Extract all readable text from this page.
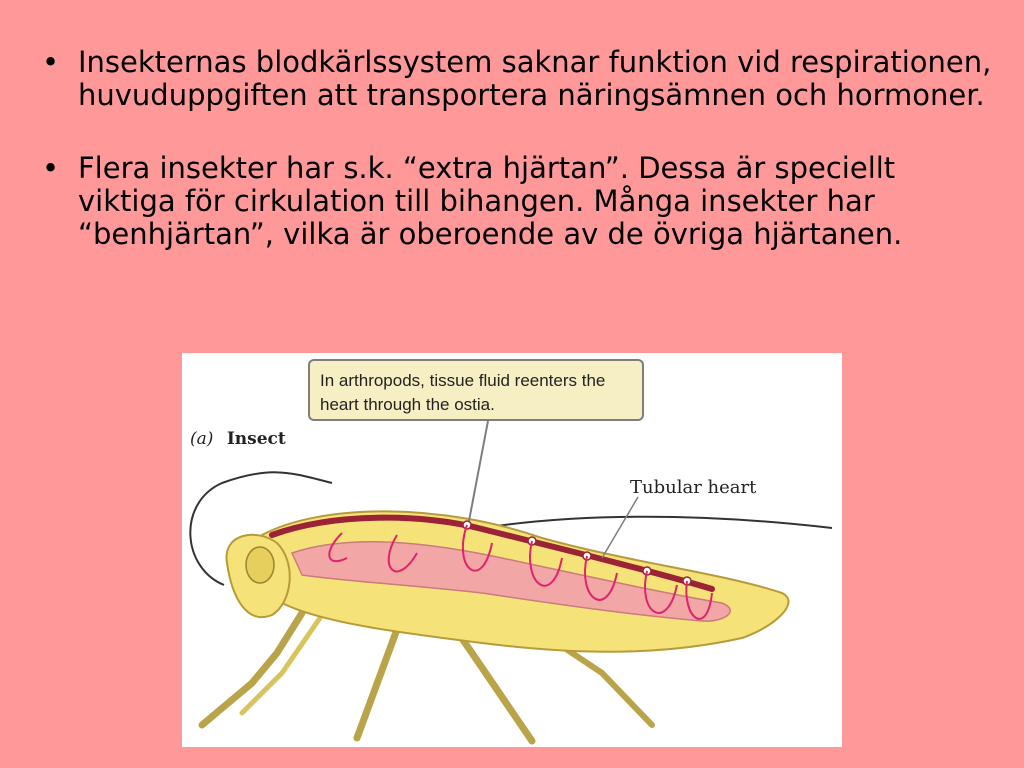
• Insekternas blodkärlssystem saknar funktion vid respirationen, huvuduppgiften att transportera näringsämnen och hormoner.
• Flera insekter har s.k. “extra hjärtan”. Dessa är speciellt viktiga för cirkulation till bihangen. Många insekter har “benhjärtan”, vilka är oberoende av de övriga hjärtanen.
In arthropods, tissue fluid reenters the heart through the ostia.
(a) Insect
Tubular heart
